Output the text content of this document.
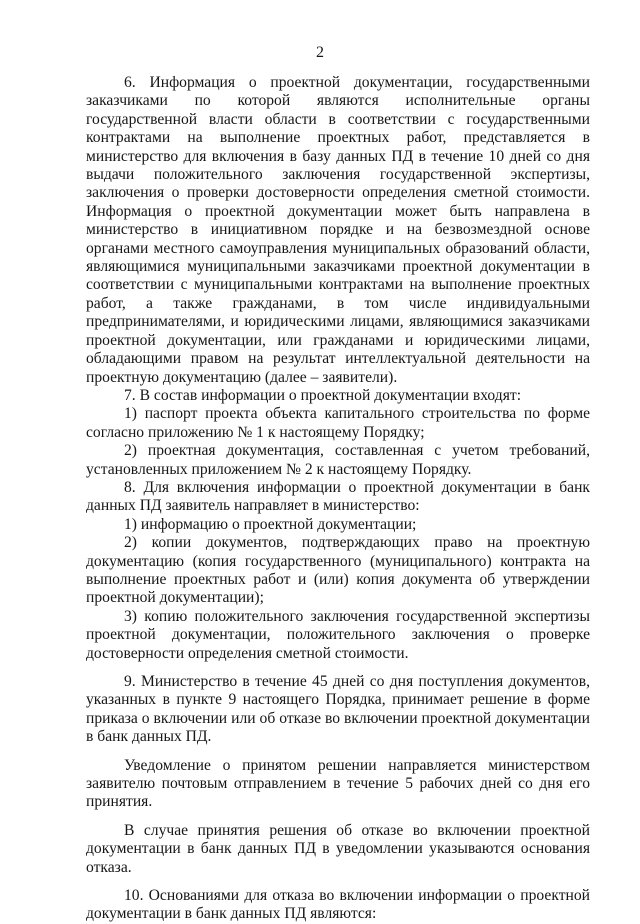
2

6. Информация о проектной документации, государственными заказчиками по которой являются исполнительные органы государственной власти области в соответствии с государственными контрактами на выполнение проектных работ, представляется в министерство для включения в базу данных ПД в течение 10 дней со дня выдачи положительного заключения государственной экспертизы, заключения о проверки достоверности определения сметной стоимости. Информация о проектной документации может быть направлена в министерство в инициативном порядке и на безвозмездной основе органами местного самоуправления муниципальных образований области, являющимися муниципальными заказчиками проектной документации в соответствии с муниципальными контрактами на выполнение проектных работ, а также гражданами, в том числе индивидуальными предпринимателями, и юридическими лицами, являющимися заказчиками проектной документации, или гражданами и юридическими лицами, обладающими правом на результат интеллектуальной деятельности на проектную документацию (далее – заявители).

7. В состав информации о проектной документации входят:

1) паспорт проекта объекта капитального строительства по форме согласно приложению № 1 к настоящему Порядку;

2) проектная документация, составленная с учетом требований, установленных приложением № 2 к настоящему Порядку.

8. Для включения информации о проектной документации в банк данных ПД заявитель направляет в министерство:

1) информацию о проектной документации;

2) копии документов, подтверждающих право на проектную документацию (копия государственного (муниципального) контракта на выполнение проектных работ и (или) копия документа об утверждении проектной документации);

3) копию положительного заключения государственной экспертизы проектной документации, положительного заключения о проверке достоверности определения сметной стоимости.

9. Министерство в течение 45 дней со дня поступления документов, указанных в пункте 9 настоящего Порядка, принимает решение в форме приказа о включении или об отказе во включении проектной документации в банк данных ПД.

Уведомление о принятом решении направляется министерством заявителю почтовым отправлением в течение 5 рабочих дней со дня его принятия.

В случае принятия решения об отказе во включении проектной документации в банк данных ПД в уведомлении указываются основания отказа.

10. Основаниями для отказа во включении информации о проектной документации в банк данных ПД являются:
